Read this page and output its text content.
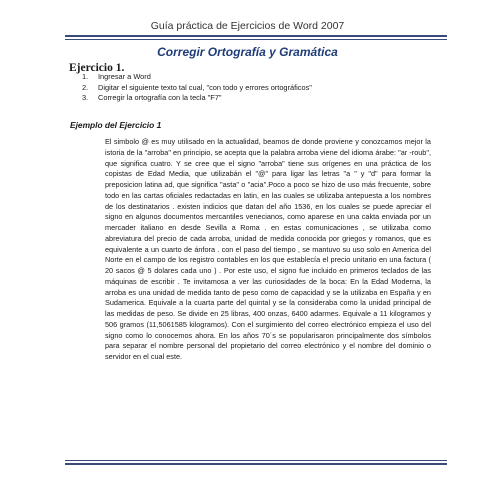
Guía práctica de Ejercicios de Word 2007
Corregir Ortografía y Gramática
Ejercicio 1.
1. Ingresar a Word
2. Digitar el siguiente texto tal cual, "con todo y errores ortográficos"
3. Corregir la ortografía con la tecla "F7"
Ejemplo del Ejercicio 1

El simbolo @ es muy utilisado en la actualidad, beamos de donde proviene y conozcamos mejor la istoria de la "arroba" en principio, se acepta que la palabra arroba viene del idioma árabe: "ar -roub", que significa cuatro. Y se cree que el signo "arroba" tiene sus orígenes en una práctica de los copistas de Edad Media, que utilizabán el "@" para ligar las letras "a " y "d" para formar la preposicion latina ad, que significa "asta" o "acia".Poco a poco se hizo de uso más frecuente, sobre todo en las cartas oficiales redactadas en latin, en las cuales se utilizaba antepuesta a los nombres de los destinatarios . existen indicios que datan del año 1536, en los cuales se puede apreciar el signo en algunos documentos mercantiles venecianos, como aparese en una cakta enviada por un mercader italiano en desde Sevilla a Roma . en estas comunicaciones , se utilizaba como abreviatura del precio de cada arroba, unidad de medida conocida por griegos y romanos, que es equivalente a un cuarto de ánfora . con el paso del tiempo , se mantuvo su uso solo en America del Norte en el campo de los registro contables en los que establecía el precio unitario en una factura ( 20 sacos @ 5 dolares cada uno ) . Por este uso, el signo fue incluido en primeros teclados de las máquinas de escribir . Te invitamosa a ver las curiosidades de la boca: En la Edad Moderna, la arroba es una unidad de medida tanto de peso como de capacidad y se la utilizaba en España y en Sudamerica. Equivale a la cuarta parte del quintal y se la consideraba como la unidad principal de las medidas de peso. Se divide en 25 libras, 400 onzas, 6400 adarmes. Equivale a 11 kilogramos y 506 gramos (11,5061585 kilogramos). Con el surgimiento del correo electrónico empieza el uso del signo como lo conocemos ahora. En los años 70´s se popularisaron principalmente dos símbolos para separar el nombre personal del propietario del correo electrónico y el nombre del dominio o servidor en el cual este.
